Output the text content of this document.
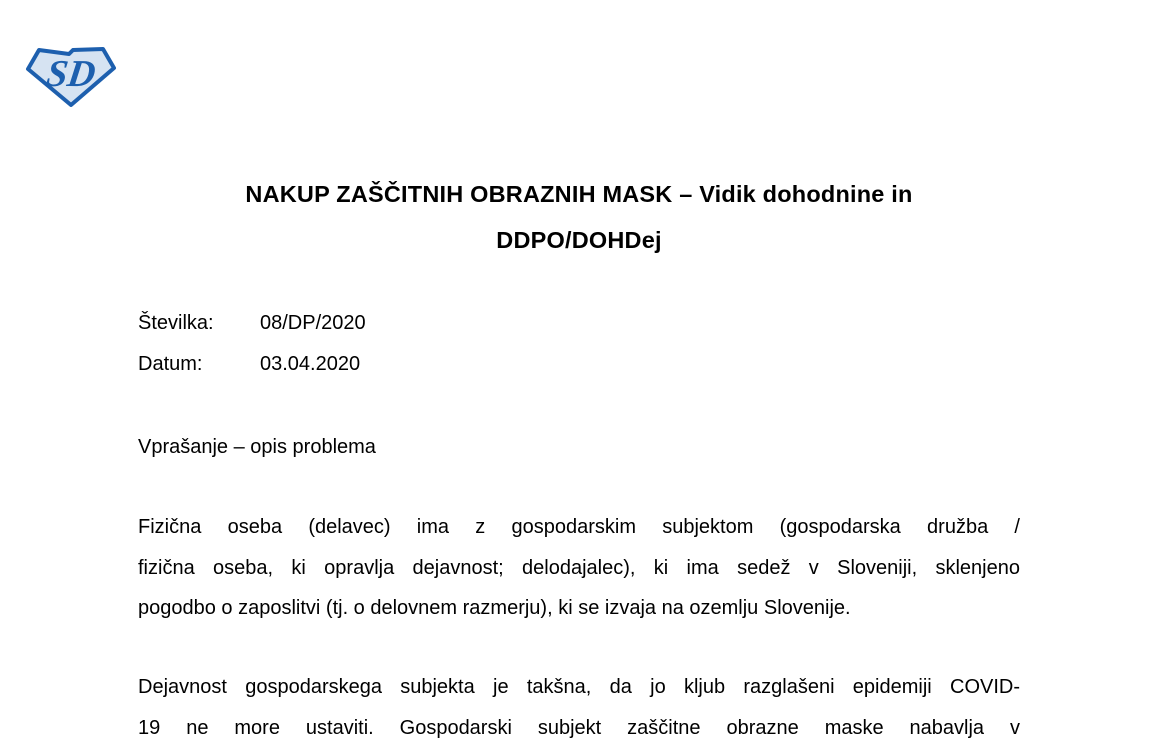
SD
NAKUP ZAŠČITNIH OBRAZNIH MASK – Vidik dohodnine in
DDPO/DOHDej
Številka: 08/DP/2020
Datum:	03.04.2020
Vprašanje – opis problema
Fizična oseba (delavec) ima z gospodarskim subjektom (gospodarska družba /
fizična oseba, ki opravlja dejavnost; delodajalec), ki ima sedež v Sloveniji, sklenjeno
pogodbo o zaposlitvi (tj. o delovnem razmerju), ki se izvaja na ozemlju Slovenije.
Dejavnost gospodarskega subjekta je takšna, da jo kljub razglašeni epidemiji COVID-
19 ne more ustaviti. Gospodarski subjekt zaščitne obrazne maske nabavlja v
